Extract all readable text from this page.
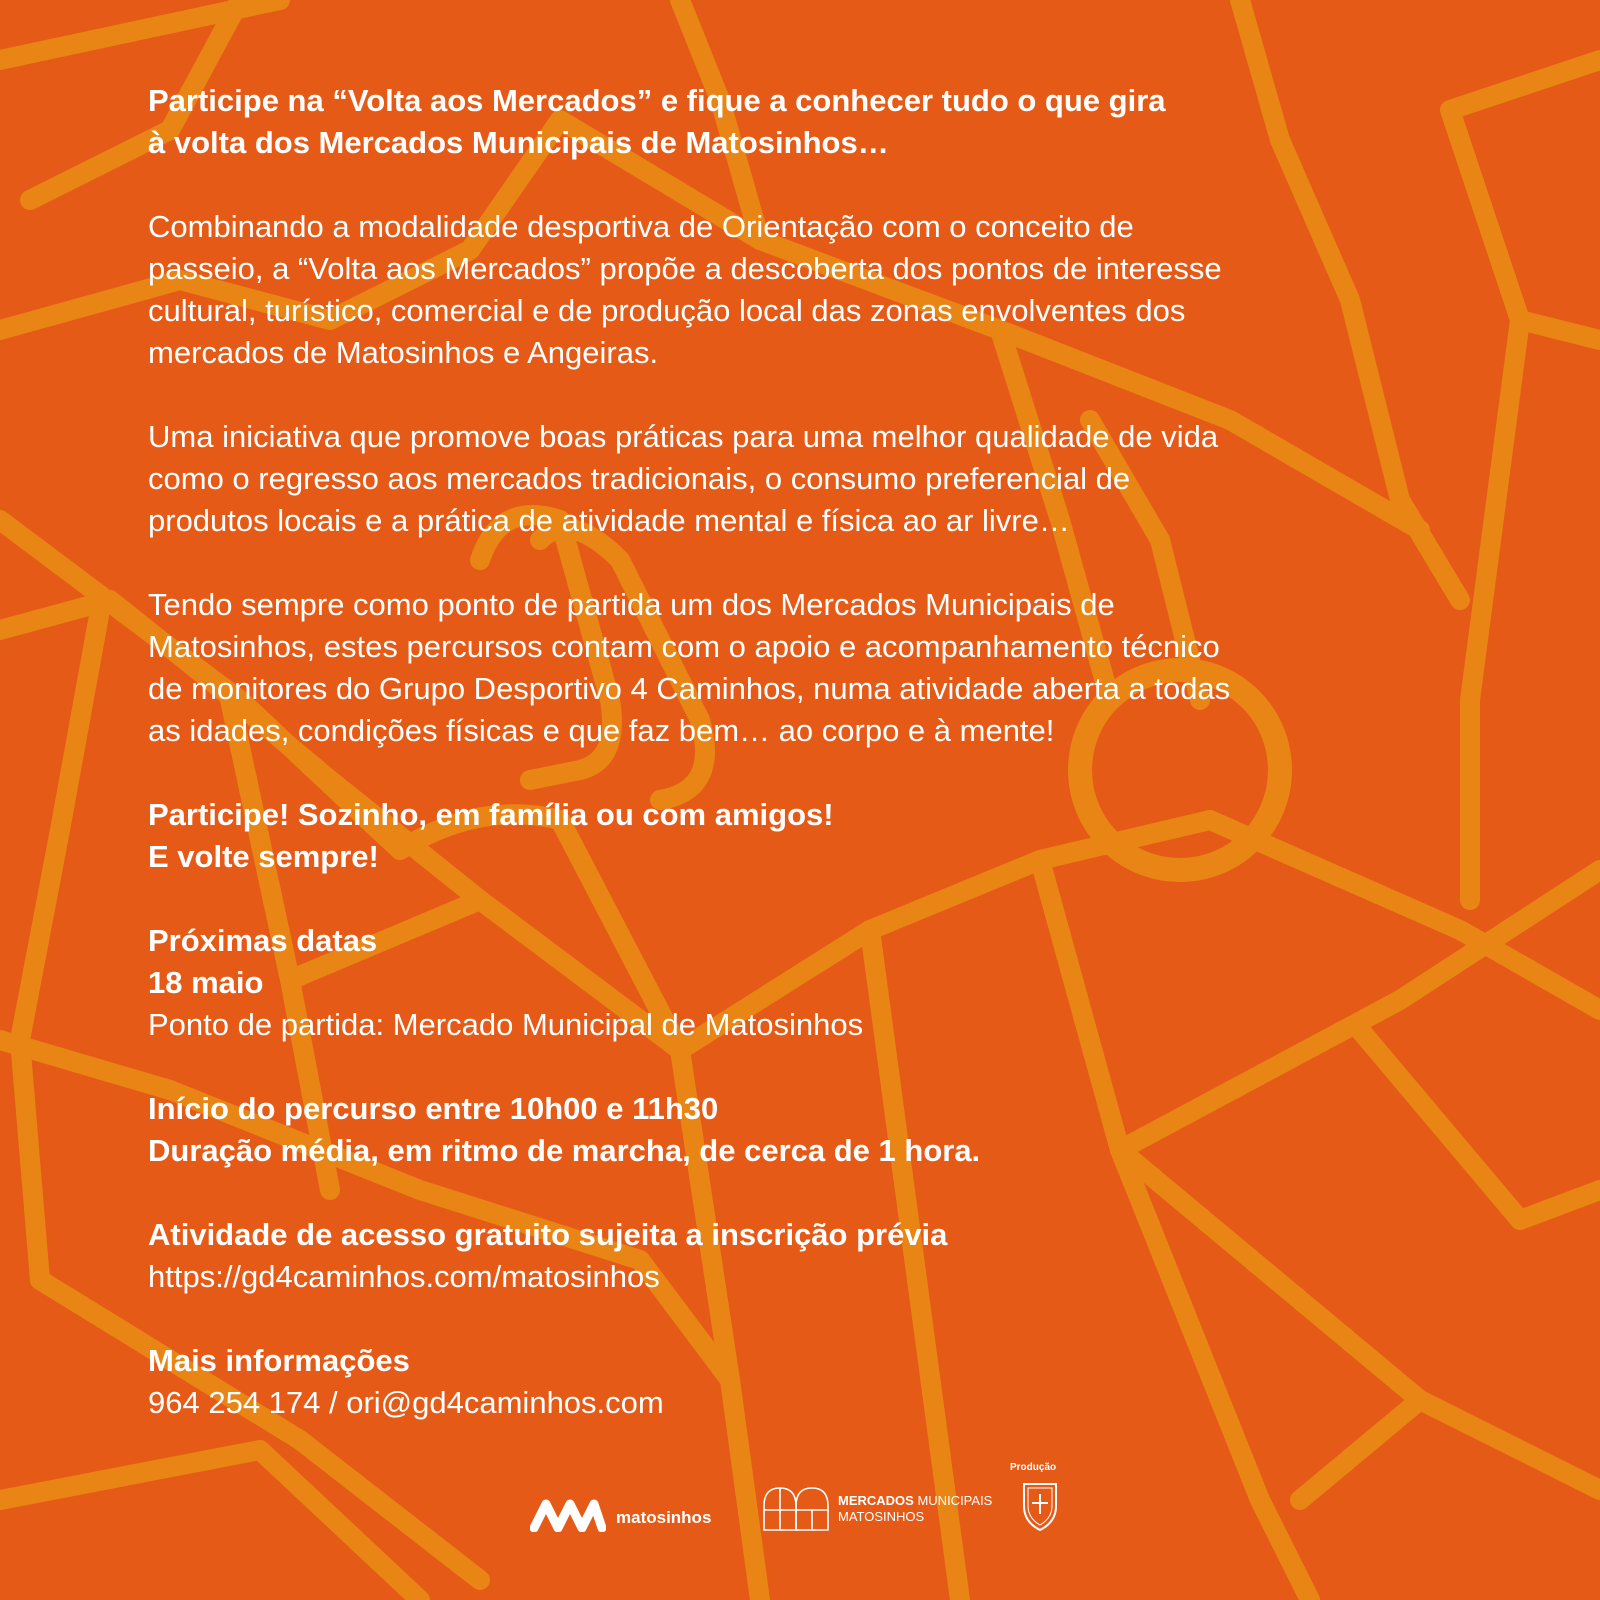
Participe na “Volta aos Mercados” e fique a conhecer tudo o que gira
à volta dos Mercados Municipais de Matosinhos…

Combinando a modalidade desportiva de Orientação com o conceito de
passeio, a “Volta aos Mercados” propõe a descoberta dos pontos de interesse
cultural, turístico, comercial e de produção local das zonas envolventes dos
mercados de Matosinhos e Angeiras.

Uma iniciativa que promove boas práticas para uma melhor qualidade de vida
como o regresso aos mercados tradicionais, o consumo preferencial de
produtos locais e a prática de atividade mental e física ao ar livre…

Tendo sempre como ponto de partida um dos Mercados Municipais de
Matosinhos, estes percursos contam com o apoio e acompanhamento técnico
de monitores do Grupo Desportivo 4 Caminhos, numa atividade aberta a todas
as idades, condições físicas e que faz bem… ao corpo e à mente!

Participe! Sozinho, em família ou com amigos!
E volte sempre!

Próximas datas
18 maio
Ponto de partida: Mercado Municipal de Matosinhos

Início do percurso entre 10h00 e 11h30
Duração média, em ritmo de marcha, de cerca de 1 hora.

Atividade de acesso gratuito sujeita a inscrição prévia
https://gd4caminhos.com/matosinhos

Mais informações
964 254 174 / ori@gd4caminhos.com

matosinhos
MERCADOS MUNICIPAIS
MATOSINHOS
Produção
